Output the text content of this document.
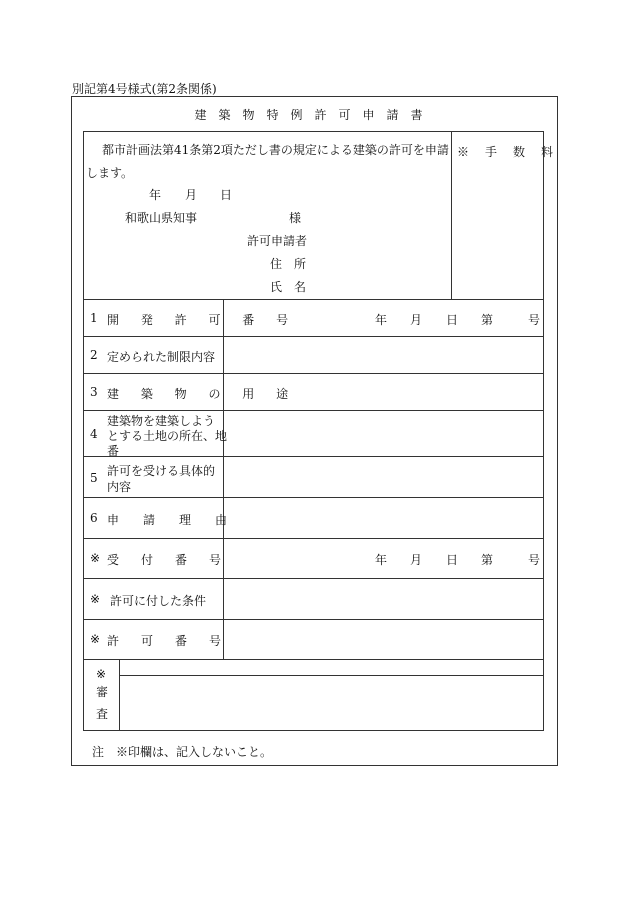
別記第4号様式(第2条関係)
建築物特例許可申請書
都市計画法第41条第2項ただし書の規定による建築の許可を申請
します。
年 月 日
和歌山県知事	様
許可申請者
住　所
氏　名
※　手　数　料
1 開 発 許 可 番 号	年 月 日 第	号
2 定められた制限内容
3 建 築 物 の 用 途
4
建築物を建築しよう
とする土地の所在、地
番
5 許可を受ける具体的
内容
6 申　請　理　由
※ 受　付　番　号	年 月 日 第	号
※ 許可に付した条件
※ 許　可　番　号
※
審
査
注　※印欄は、記入しないこと。
